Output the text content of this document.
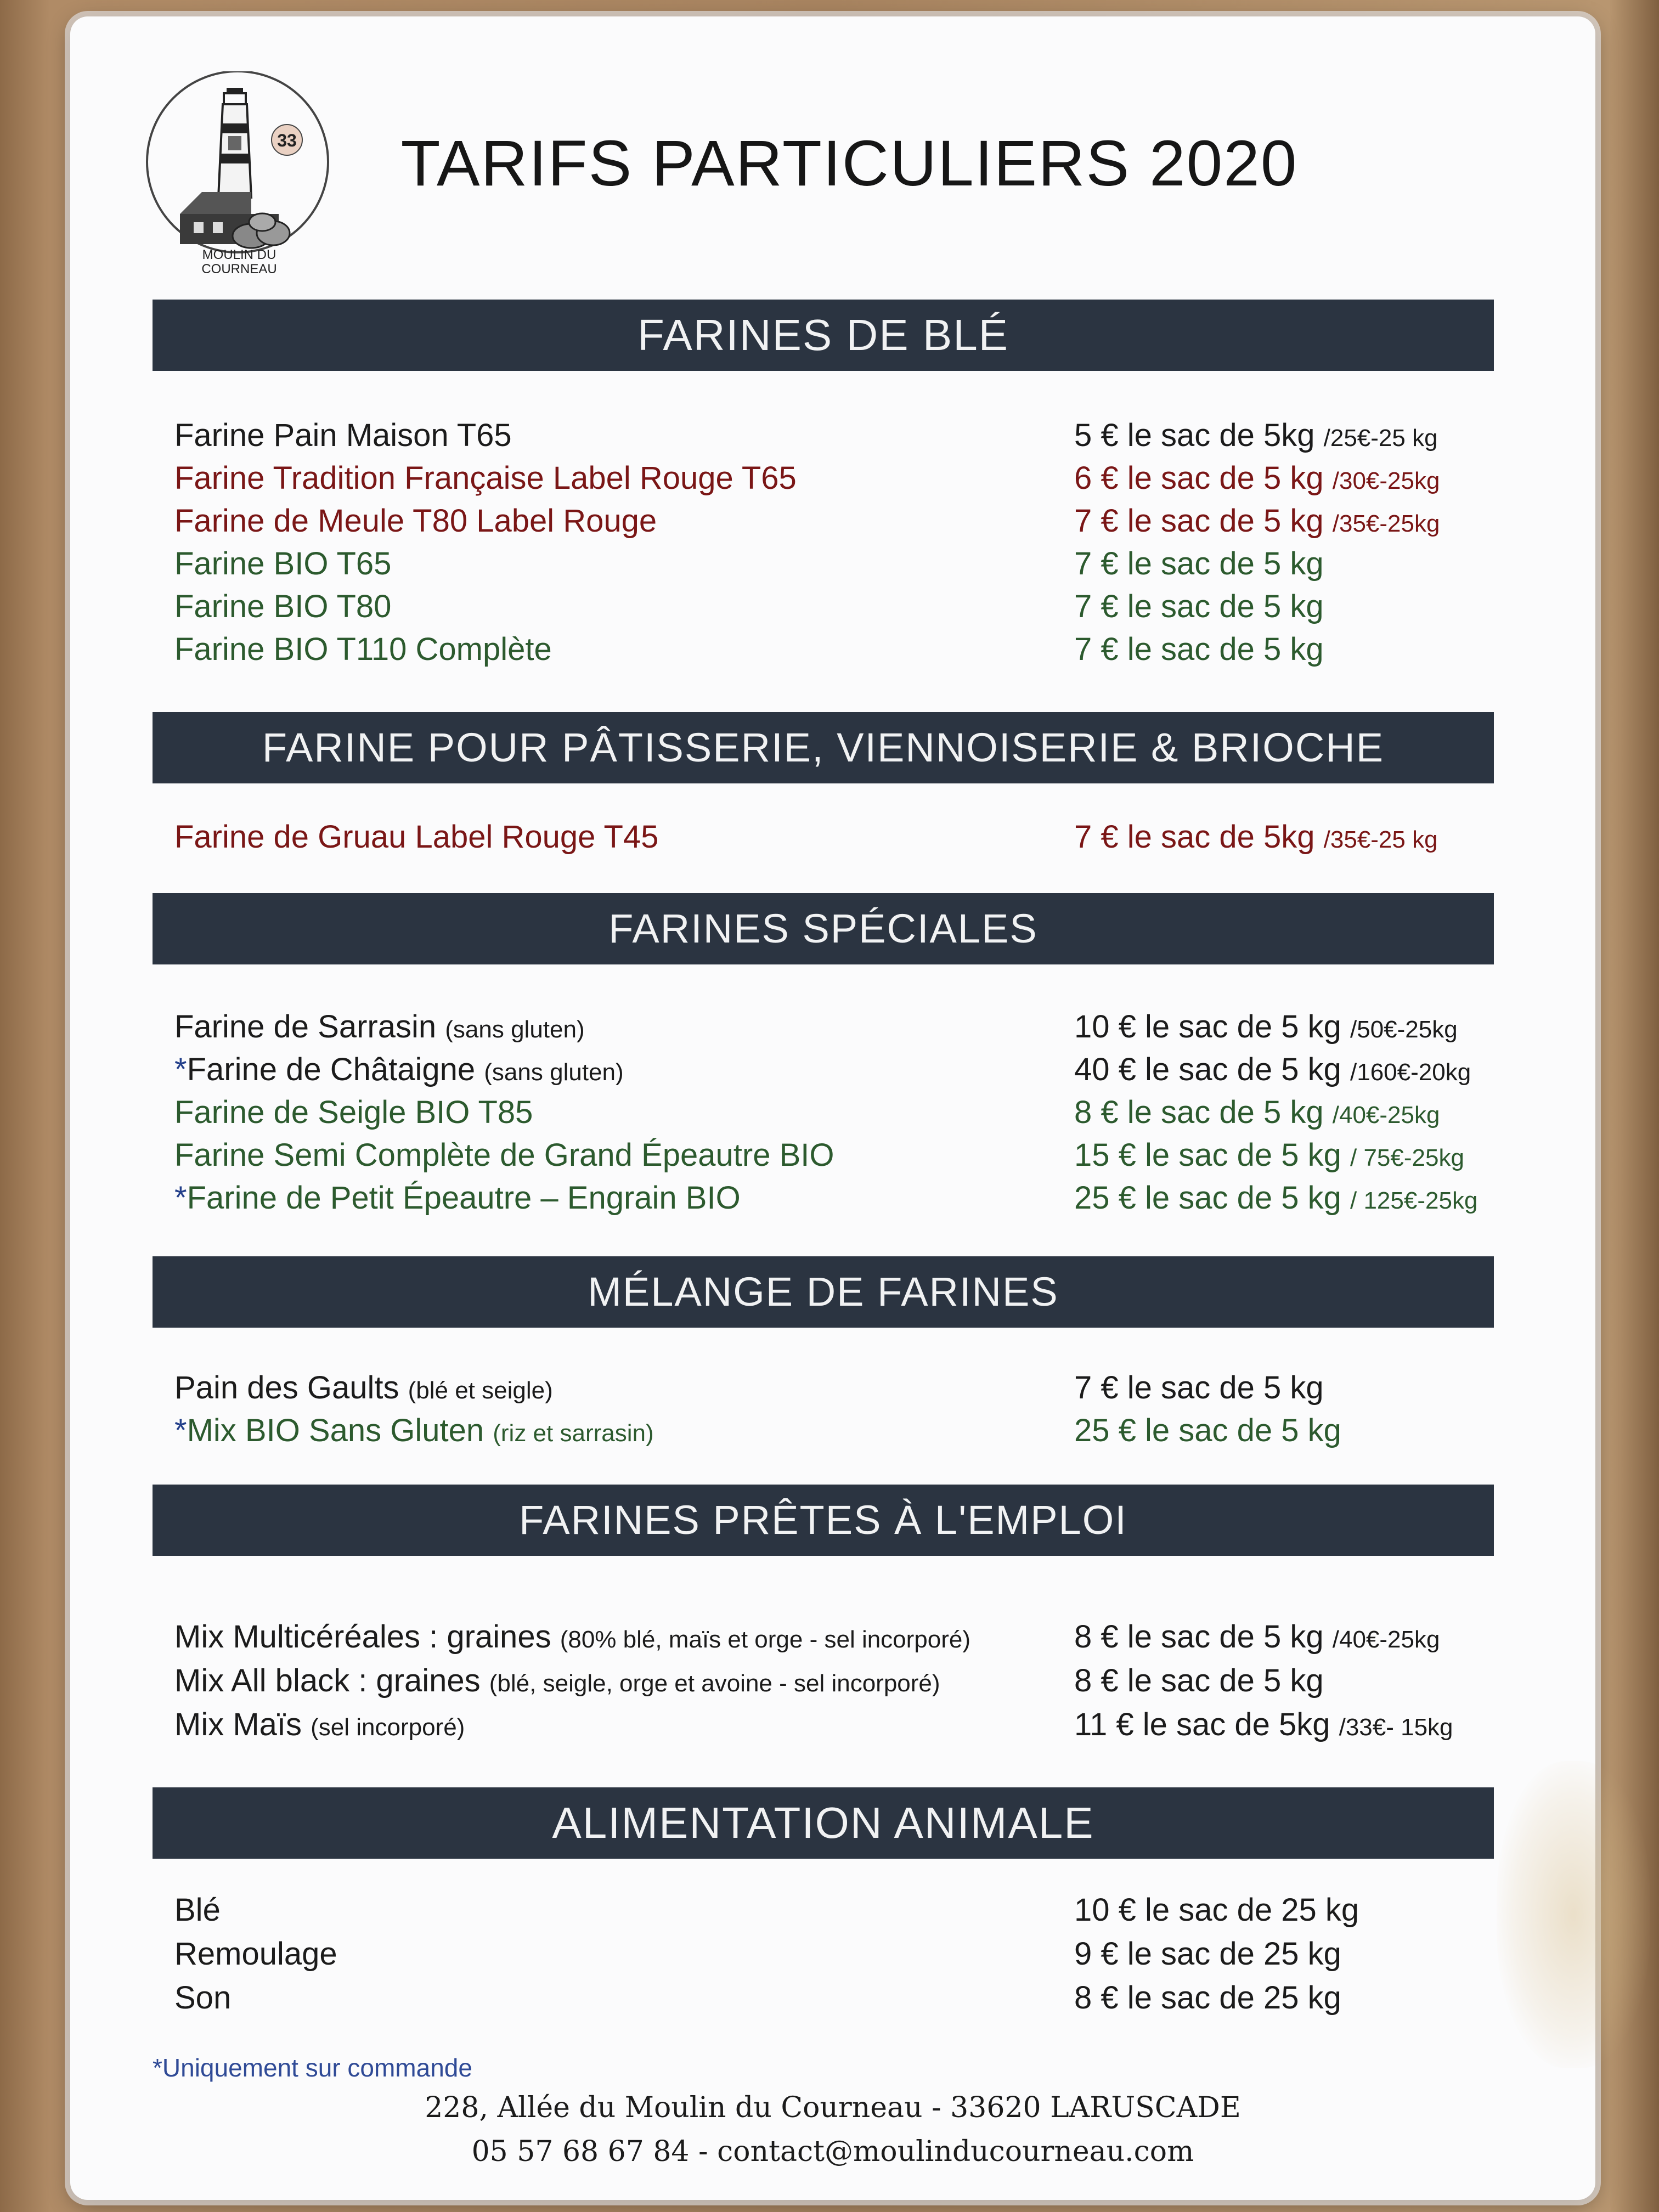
33
MOULIN DU
COURNEAU
TARIFS PARTICULIERS 2020
FARINES DE BLÉ
Farine Pain Maison T65	5 € le sac de 5kg /25€-25 kg
Farine Tradition Française Label Rouge T65	6 € le sac de 5 kg /30€-25kg
Farine de Meule T80 Label Rouge	7 € le sac de 5 kg /35€-25kg
Farine BIO T65	7 € le sac de 5 kg
Farine BIO T80	7 € le sac de 5 kg
Farine BIO T110 Complète	7 € le sac de 5 kg
FARINE POUR PÂTISSERIE, VIENNOISERIE & BRIOCHE
Farine de Gruau Label Rouge T45	7 € le sac de 5kg /35€-25 kg
FARINES SPÉCIALES
Farine de Sarrasin (sans gluten)	10 € le sac de 5 kg /50€-25kg
*Farine de Châtaigne (sans gluten)	40 € le sac de 5 kg /160€-20kg
Farine de Seigle BIO T85	8 € le sac de 5 kg /40€-25kg
Farine Semi Complète de Grand Épeautre BIO	15 € le sac de 5 kg / 75€-25kg
*Farine de Petit Épeautre – Engrain BIO	25 € le sac de 5 kg / 125€-25kg
MÉLANGE DE FARINES
Pain des Gaults (blé et seigle)	7 € le sac de 5 kg
*Mix BIO Sans Gluten (riz et sarrasin)	25 € le sac de 5 kg
FARINES PRÊTES À L'EMPLOI
Mix Multicéréales : graines (80% blé, maïs et orge - sel incorporé)	8 € le sac de 5 kg /40€-25kg
Mix All black : graines (blé, seigle, orge et avoine - sel incorporé)	8 € le sac de 5 kg
Mix Maïs (sel incorporé)	11 € le sac de 5kg /33€- 15kg
ALIMENTATION ANIMALE
Blé	10 € le sac de 25 kg
Remoulage	9 € le sac de 25 kg
Son	8 € le sac de 25 kg
*Uniquement sur commande
228, Allée du Moulin du Courneau - 33620 LARUSCADE
05 57 68 67 84 - contact@moulinducourneau.com
